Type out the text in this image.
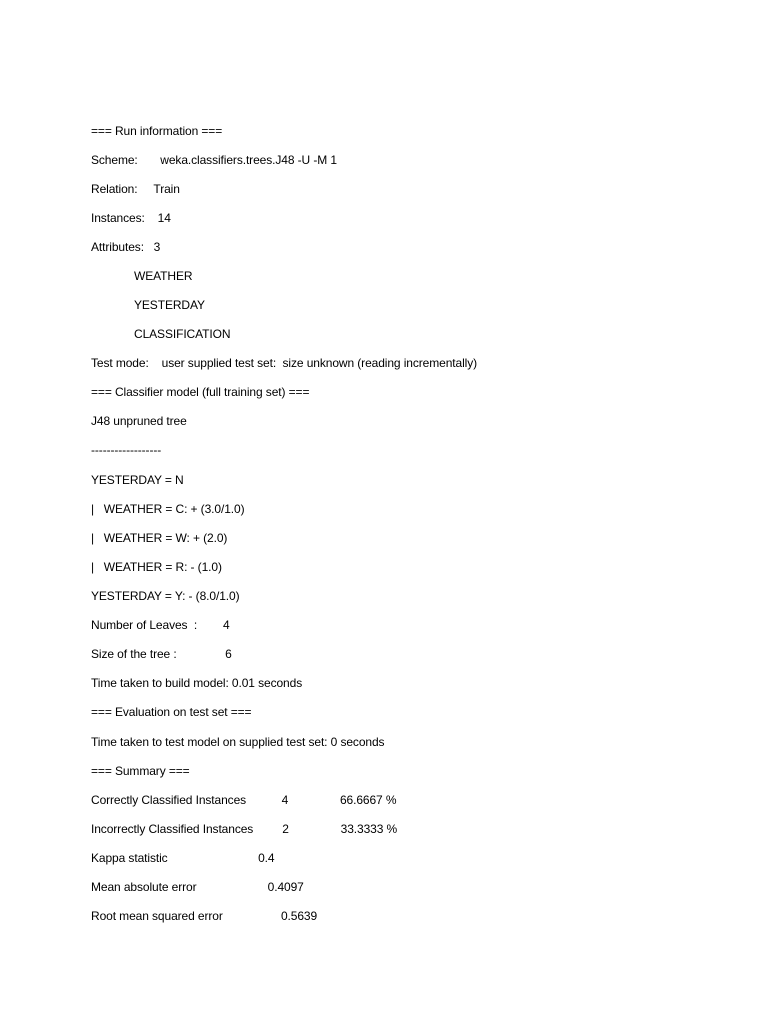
=== Run information ===
Scheme:       weka.classifiers.trees.J48 -U -M 1
Relation:     Train
Instances:    14
Attributes:   3
WEATHER
YESTERDAY
CLASSIFICATION
Test mode:    user supplied test set:  size unknown (reading incrementally)
=== Classifier model (full training set) ===
J48 unpruned tree
------------------
YESTERDAY = N
|   WEATHER = C: + (3.0/1.0)
|   WEATHER = W: + (2.0)
|   WEATHER = R: - (1.0)
YESTERDAY = Y: - (8.0/1.0)
Number of Leaves  :        4
Size of the tree :               6
Time taken to build model: 0.01 seconds
=== Evaluation on test set ===
Time taken to test model on supplied test set: 0 seconds
=== Summary ===
Correctly Classified Instances           4                66.6667 %
Incorrectly Classified Instances         2                33.3333 %
Kappa statistic                            0.4
Mean absolute error                      0.4097
Root mean squared error                  0.5639
